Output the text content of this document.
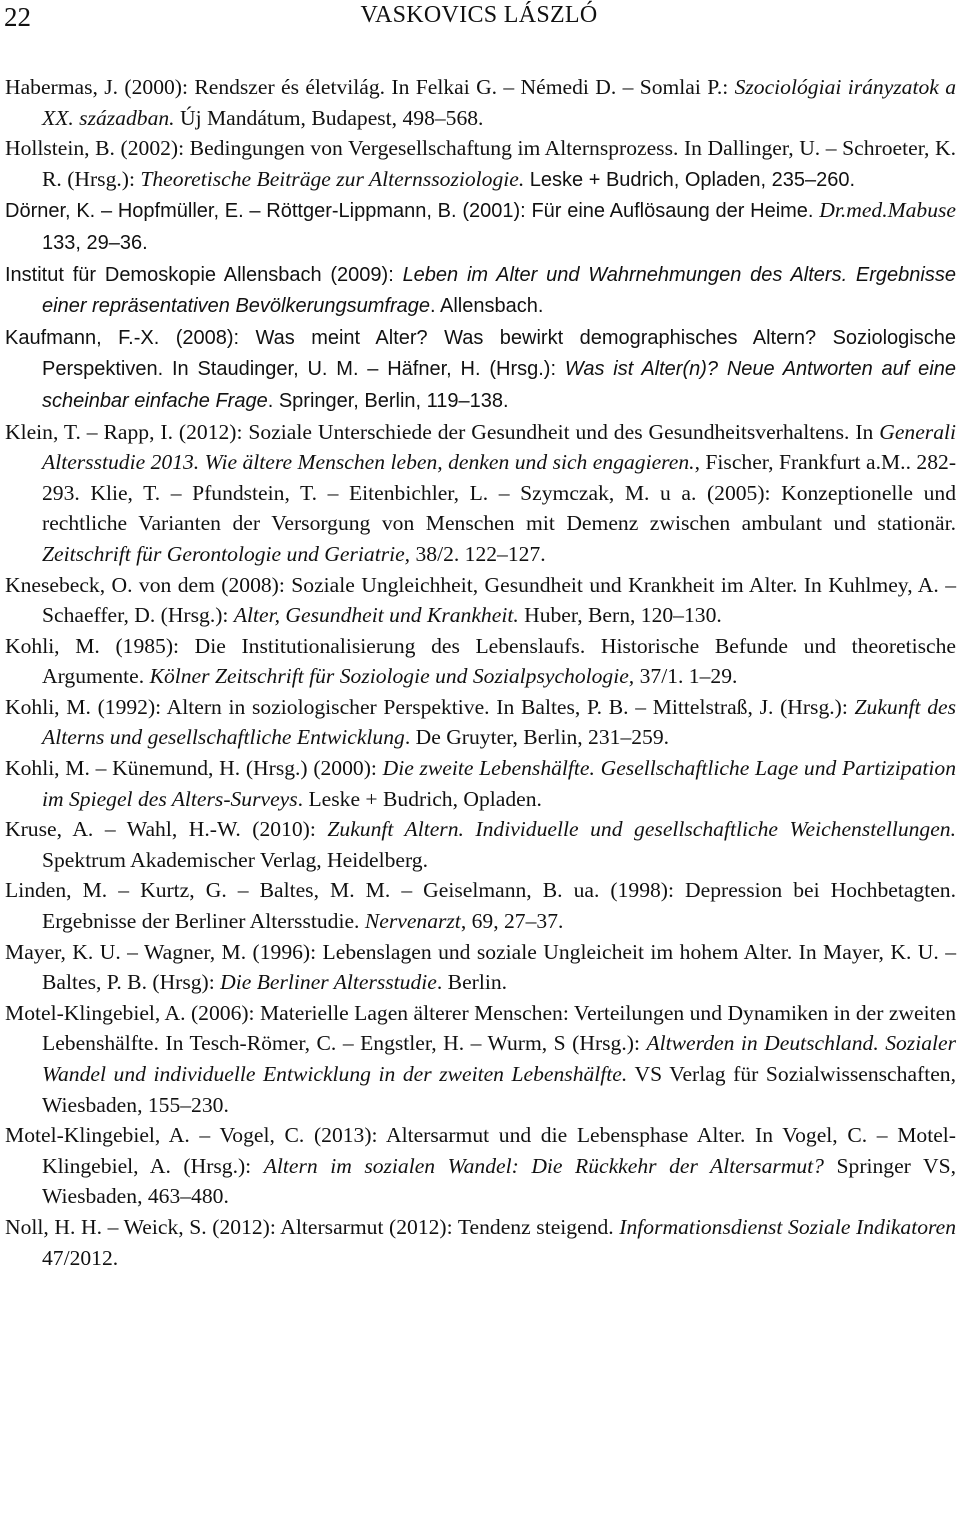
22	VASKOVICS LÁSZLÓ

Habermas, J. (2000): Rendszer és életvilág. In Felkai G. – Némedi D. – Somlai P.: Szociológiai irányzatok a XX. században. Új Mandátum, Budapest, 498–568.

Hollstein, B. (2002): Bedingungen von Vergesellschaftung im Alternsprozess. In Dallinger, U. – Schroeter, K. R. (Hrsg.): Theoretische Beiträge zur Alternssoziologie. Leske + Budrich, Opladen, 235–260.

Dörner, K. – Hopfmüller, E. – Röttger-Lippmann, B. (2001): Für eine Auflösaung der Heime. Dr.med.Mabuse 133, 29–36.

Institut für Demoskopie Allensbach (2009): Leben im Alter und Wahrnehmungen des Alters. Ergebnisse einer repräsentativen Bevölkerungsumfrage. Allensbach.

Kaufmann, F.-X. (2008): Was meint Alter? Was bewirkt demographisches Altern? Soziologische Perspektiven. In Staudinger, U. M. – Häfner, H. (Hrsg.): Was ist Alter(n)? Neue Antworten auf eine scheinbar einfache Frage. Springer, Berlin, 119–138.

Klein, T. – Rapp, I. (2012): Soziale Unterschiede der Gesundheit und des Gesundheitsverhaltens. In Generali Altersstudie 2013. Wie ältere Menschen leben, denken und sich engagieren., Fischer, Frankfurt a.M.. 282-293. Klie, T. – Pfundstein, T. – Eitenbichler, L. – Szymczak, M. u a. (2005): Konzeptionelle und rechtliche Varianten der Versorgung von Menschen mit Demenz zwischen ambulant und stationär. Zeitschrift für Gerontologie und Geriatrie, 38/2. 122–127.

Knesebeck, O. von dem (2008): Soziale Ungleichheit, Gesundheit und Krankheit im Alter. In Kuhlmey, A. – Schaeffer, D. (Hrsg.): Alter, Gesundheit und Krankheit. Huber, Bern, 120–130.

Kohli, M. (1985): Die Institutionalisierung des Lebenslaufs. Historische Befunde und theoretische Argumente. Kölner Zeitschrift für Soziologie und Sozialpsychologie, 37/1. 1–29.

Kohli, M. (1992): Altern in soziologischer Perspektive. In Baltes, P. B. – Mittelstraß, J. (Hrsg.): Zukunft des Alterns und gesellschaftliche Entwicklung. De Gruyter, Berlin, 231–259.

Kohli, M. – Künemund, H. (Hrsg.) (2000): Die zweite Lebenshälfte. Gesellschaftliche Lage und Partizipation im Spiegel des Alters-Surveys. Leske + Budrich, Opladen.

Kruse, A. – Wahl, H.-W. (2010): Zukunft Altern. Individuelle und gesellschaftliche Weichenstellungen. Spektrum Akademischer Verlag, Heidelberg.

Linden, M. – Kurtz, G. – Baltes, M. M. – Geiselmann, B. ua. (1998): Depression bei Hochbetagten. Ergebnisse der Berliner Altersstudie. Nervenarzt, 69, 27–37.

Mayer, K. U. – Wagner, M. (1996): Lebenslagen und soziale Ungleicheit im hohem Alter. In Mayer, K. U. – Baltes, P. B. (Hrsg): Die Berliner Altersstudie. Berlin.

Motel-Klingebiel, A. (2006): Materielle Lagen älterer Menschen: Verteilungen und Dynamiken in der zweiten Lebenshälfte. In Tesch-Römer, C. – Engstler, H. – Wurm, S (Hrsg.): Altwerden in Deutschland. Sozialer Wandel und individuelle Entwicklung in der zweiten Lebenshälfte. VS Verlag für Sozialwissenschaften, Wiesbaden, 155–230.

Motel-Klingebiel, A. – Vogel, C. (2013): Altersarmut und die Lebensphase Alter. In Vogel, C. – Motel-Klingebiel, A. (Hrsg.): Altern im sozialen Wandel: Die Rückkehr der Altersarmut? Springer VS, Wiesbaden, 463–480.

Noll, H. H. – Weick, S. (2012): Altersarmut (2012): Tendenz steigend. Informationsdienst Soziale Indikatoren 47/2012.
